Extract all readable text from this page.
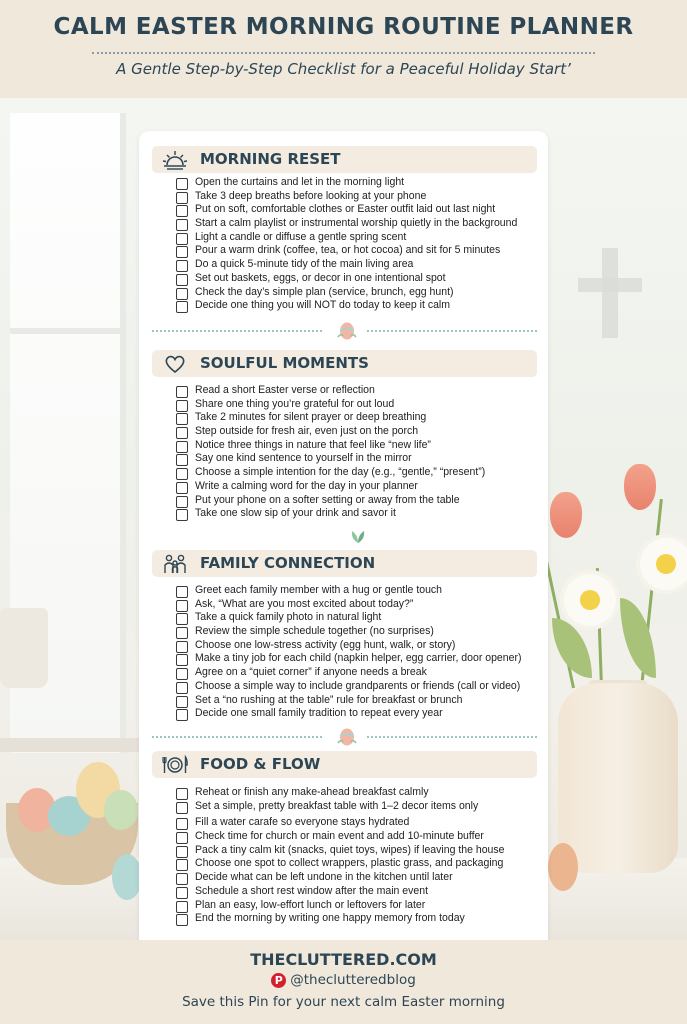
CALM EASTER MORNING ROUTINE PLANNER
A Gentle Step-by-Step Checklist for a Peaceful Holiday Start’
MORNING RESET
Open the curtains and let in the morning light
Take 3 deep breaths before looking at your phone
Put on soft, comfortable clothes or Easter outfit laid out last night
Start a calm playlist or instrumental worship quietly in the background
Light a candle or diffuse a gentle spring scent
Pour a warm drink (coffee, tea, or hot cocoa) and sit for 5 minutes
Do a quick 5-minute tidy of the main living area
Set out baskets, eggs, or decor in one intentional spot
Check the day’s simple plan (service, brunch, egg hunt)
Decide one thing you will NOT do today to keep it calm
SOULFUL MOMENTS
Read a short Easter verse or reflection
Share one thing you’re grateful for out loud
Take 2 minutes for silent prayer or deep breathing
Step outside for fresh air, even just on the porch
Notice three things in nature that feel like “new life”
Say one kind sentence to yourself in the mirror
Choose a simple intention for the day (e.g., “gentle,” “present”)
Write a calming word for the day in your planner
Put your phone on a softer setting or away from the table
Take one slow sip of your drink and savor it
FAMILY CONNECTION
Greet each family member with a hug or gentle touch
Ask, “What are you most excited about today?”
Take a quick family photo in natural light
Review the simple schedule together (no surprises)
Choose one low-stress activity (egg hunt, walk, or story)
Make a tiny job for each child (napkin helper, egg carrier, door opener)
Agree on a “quiet corner” if anyone needs a break
Choose a simple way to include grandparents or friends (call or video)
Set a “no rushing at the table” rule for breakfast or brunch
Decide one small family tradition to repeat every year
FOOD & FLOW
Reheat or finish any make-ahead breakfast calmly
Set a simple, pretty breakfast table with 1–2 decor items only
Fill a water carafe so everyone stays hydrated
Check time for church or main event and add 10-minute buffer
Pack a tiny calm kit (snacks, quiet toys, wipes) if leaving the house
Choose one spot to collect wrappers, plastic grass, and packaging
Decide what can be left undone in the kitchen until later
Schedule a short rest window after the main event
Plan an easy, low-effort lunch or leftovers for later
End the morning by writing one happy memory from today
THECLUTTERED.COM
P @theclutteredblog
Save this Pin for your next calm Easter morning
